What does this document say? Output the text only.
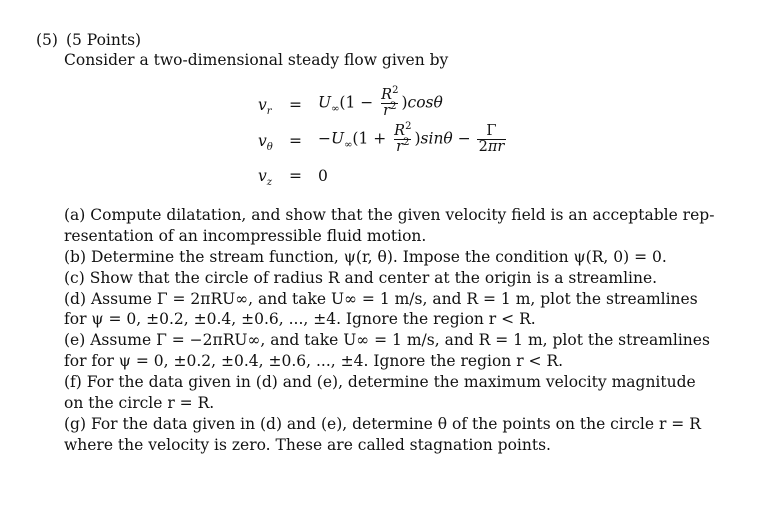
(5) (5 Points)
Consider a two-dimensional steady flow given by
$v_r = U_\infty(1 - \frac{R^2}{r^2} )\cos\theta$
$v_\theta = -U_\infty(1 + \frac{R^2}{r^2} )\sin\theta - \frac{\Gamma}{2\pi r}$
$v_z = 0$
(a) Compute dilatation, and show that the given velocity field is an acceptable rep-
resentation of an incompressible fluid motion.
(b) Determine the stream function, ψ(r, θ). Impose the condition ψ(R, 0) = 0.
(c) Show that the circle of radius R and center at the origin is a streamline.
(d) Assume Γ = 2πRU∞, and take U∞ = 1 m/s, and R = 1 m, plot the streamlines
for ψ = 0, ±0.2, ±0.4, ±0.6, ..., ±4. Ignore the region r < R.
(e) Assume Γ = −2πRU∞, and take U∞ = 1 m/s, and R = 1 m, plot the streamlines
for for ψ = 0, ±0.2, ±0.4, ±0.6, ..., ±4. Ignore the region r < R.
(f) For the data given in (d) and (e), determine the maximum velocity magnitude
on the circle r = R.
(g) For the data given in (d) and (e), determine θ of the points on the circle r = R
where the velocity is zero. These are called stagnation points.
